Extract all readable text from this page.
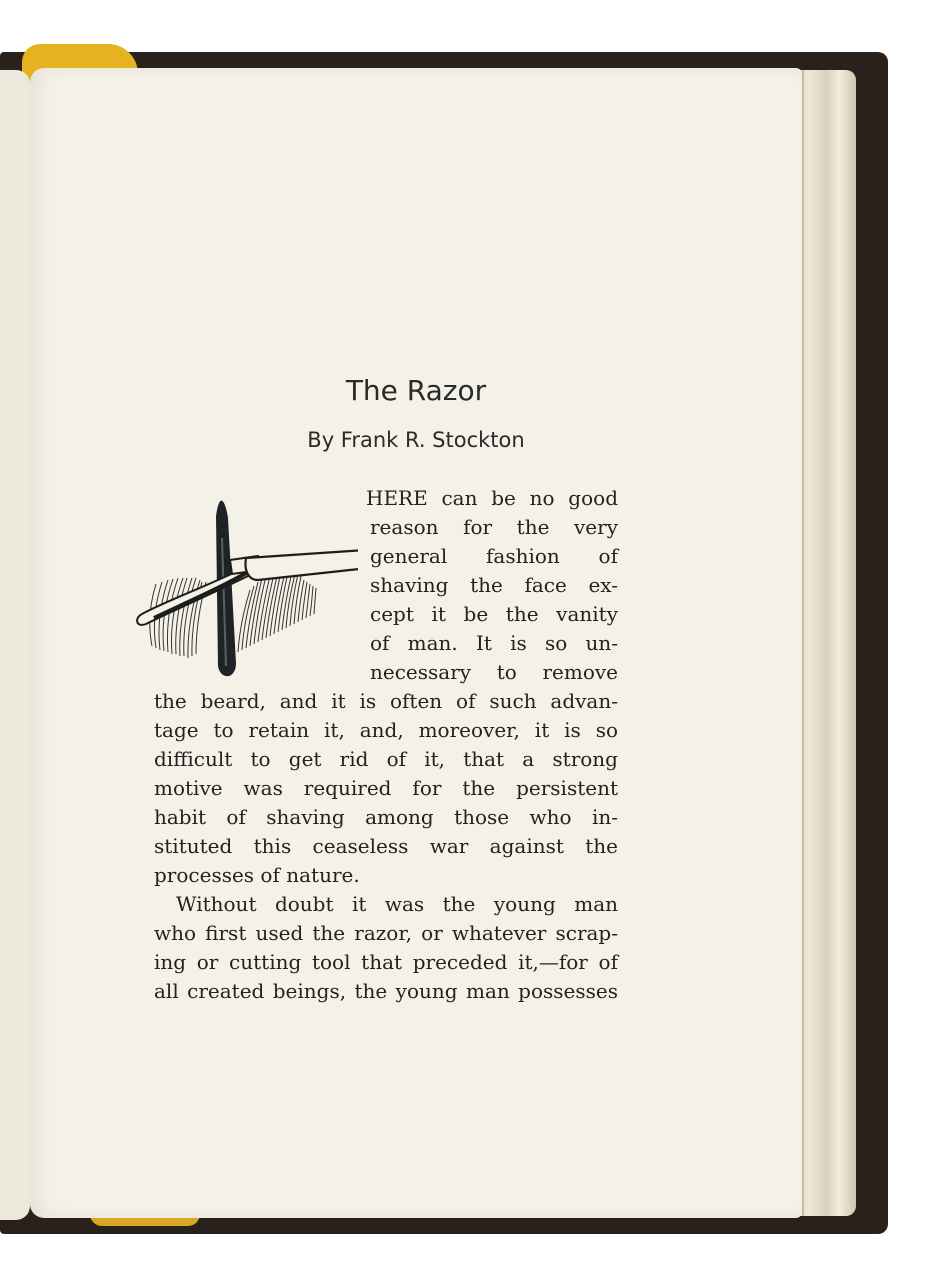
The Razor
By Frank R. Stockton
HERE can be no good
reason for the very
general fashion of
shaving the face ex-
cept it be the vanity
of man. It is so un-
necessary to remove
the beard, and it is often of such advan-
tage to retain it, and, moreover, it is so
difficult to get rid of it, that a strong
motive was required for the persistent
habit of shaving among those who in-
stituted this ceaseless war against the
processes of nature.
Without doubt it was the young man
who first used the razor, or whatever scrap-
ing or cutting tool that preceded it,—for of
all created beings, the young man possesses
